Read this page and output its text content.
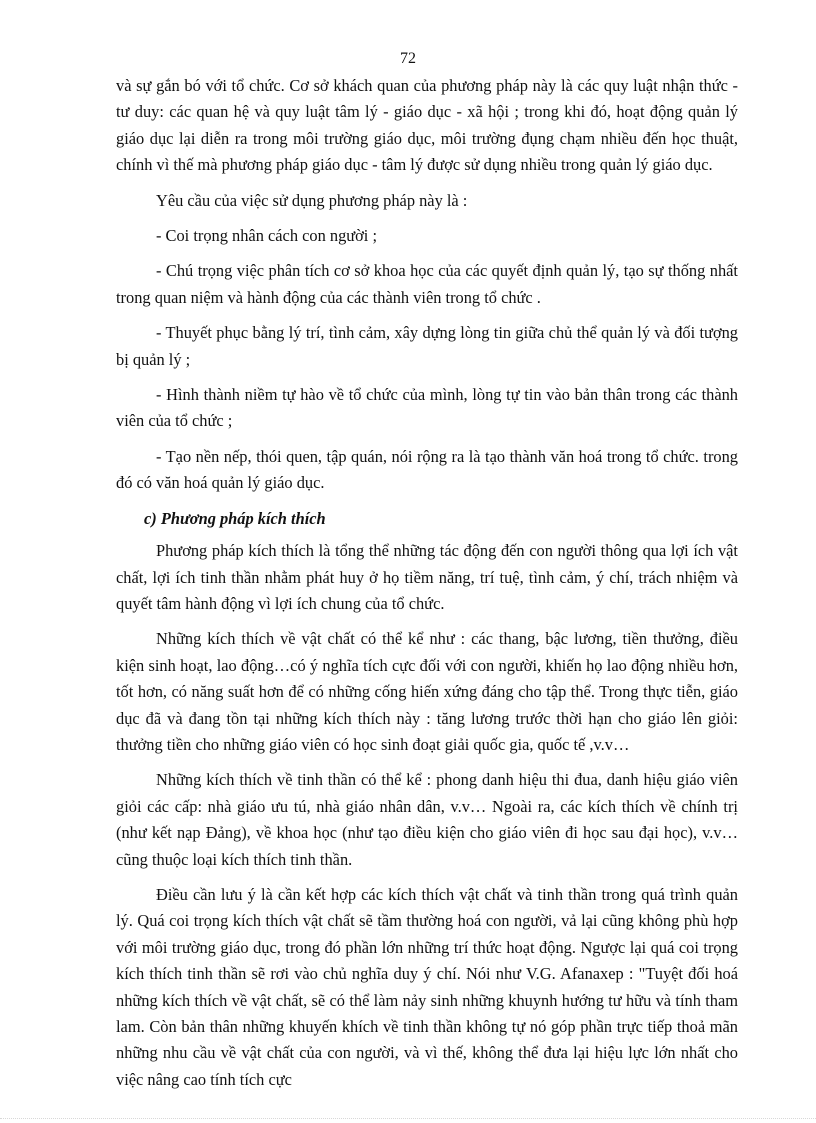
72

và sự gắn bó với tổ chức. Cơ sở khách quan của phương pháp này là các quy luật nhận thức - tư duy: các quan hệ và quy luật tâm lý - giáo dục - xã hội ; trong khi đó, hoạt động quản lý giáo dục lại diễn ra trong môi trường giáo dục, môi trường đụng chạm nhiều đến học thuật, chính vì thế mà phương pháp giáo dục - tâm lý được sử dụng nhiều trong quản lý giáo dục.

Yêu cầu của việc sử dụng phương pháp này là :

- Coi trọng nhân cách con người ;

- Chú trọng việc phân tích cơ sở khoa học của các quyết định quản lý, tạo sự thống nhất trong quan niệm và hành động của các thành viên trong tổ chức .

- Thuyết phục bằng lý trí, tình cảm, xây dựng lòng tin giữa chủ thể quản lý và đối tượng bị quản lý ;

- Hình thành niềm tự hào về tổ chức của mình, lòng tự tin vào bản thân trong các thành viên của tổ chức ;

- Tạo nền nếp, thói quen, tập quán, nói rộng ra là tạo thành văn hoá trong tổ chức. trong đó có văn hoá quản lý giáo dục.

c) Phương pháp kích thích

Phương pháp kích thích là tổng thể những tác động đến con người thông qua lợi ích vật chất, lợi ích tinh thần nhằm phát huy ở họ tiềm năng, trí tuệ, tình cảm, ý chí, trách nhiệm và quyết tâm hành động vì lợi ích chung của tổ chức.

Những kích thích về vật chất có thể kể như : các thang, bậc lương, tiền thưởng, điều kiện sinh hoạt, lao động…có ý nghĩa tích cực đối với con người, khiến họ lao động nhiều hơn, tốt hơn, có năng suất hơn để có những cống hiến xứng đáng cho tập thể. Trong thực tiễn, giáo dục đã và đang tồn tại những kích thích này : tăng lương trước thời hạn cho giáo lên giỏi: thưởng tiền cho những giáo viên có học sinh đoạt giải quốc gia, quốc tế ,v.v…

Những kích thích về tinh thần có thể kể : phong danh hiệu thi đua, danh hiệu giáo viên giỏi các cấp: nhà giáo ưu tú, nhà giáo nhân dân, v.v… Ngoài ra, các kích thích về chính trị (như kết nạp Đảng), về khoa học (như tạo điều kiện cho giáo viên đi học sau đại học), v.v… cũng thuộc loại kích thích tinh thần.

Điều cần lưu ý là cần kết hợp các kích thích vật chất và tinh thần trong quá trình quản lý. Quá coi trọng kích thích vật chất sẽ tầm thường hoá con người, vả lại cũng không phù hợp với môi trường giáo dục, trong đó phần lớn những trí thức hoạt động. Ngược lại quá coi trọng kích thích tinh thần sẽ rơi vào chủ nghĩa duy ý chí. Nói như V.G. Afanaxep : "Tuyệt đối hoá những kích thích về vật chất, sẽ có thể làm nảy sinh những khuynh hướng tư hữu và tính tham lam. Còn bản thân những khuyến khích về tinh thần không tự nó góp phần trực tiếp thoả mãn những nhu cầu về vật chất của con người, và vì thế, không thể đưa lại hiệu lực lớn nhất cho việc nâng cao tính tích cực
